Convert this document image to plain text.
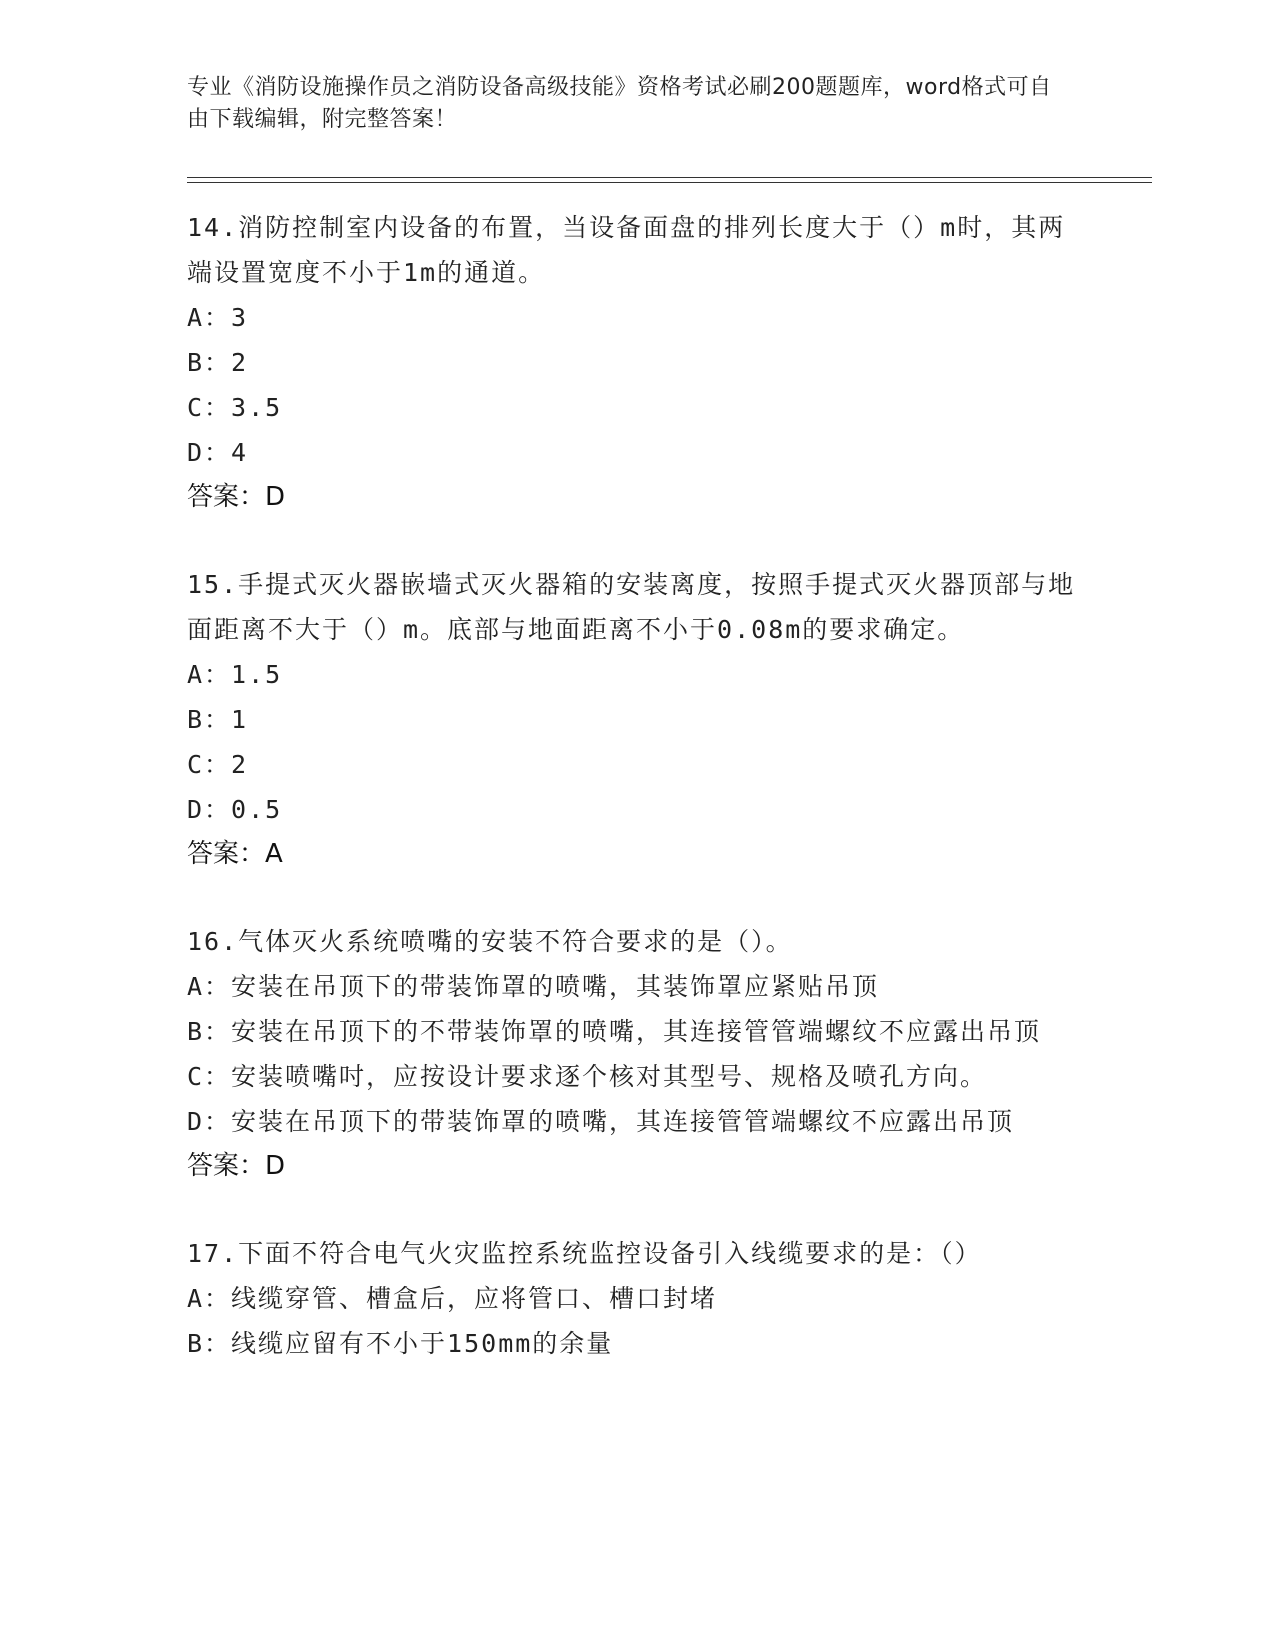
专业《消防设施操作员之消防设备高级技能》资格考试必刷200题题库，word格式可自由下载编辑，附完整答案！

14.消防控制室内设备的布置，当设备面盘的排列长度大于（）m时，其两端设置宽度不小于1m的通道。

A：3

B：2

C：3.5

D：4

答案：D

15.手提式灭火器嵌墙式灭火器箱的安装离度，按照手提式灭火器顶部与地面距离不大于（）m。底部与地面距离不小于0.08m的要求确定。

A：1.5

B：1

C：2

D：0.5

答案：A

16.气体灭火系统喷嘴的安装不符合要求的是（）。

A：安装在吊顶下的带装饰罩的喷嘴，其装饰罩应紧贴吊顶

B：安装在吊顶下的不带装饰罩的喷嘴，其连接管管端螺纹不应露出吊顶

C：安装喷嘴吋，应按设计要求逐个核对其型号、规格及喷孔方向。

D：安装在吊顶下的带装饰罩的喷嘴，其连接管管端螺纹不应露出吊顶

答案：D

17.下面不符合电气火灾监控系统监控设备引入线缆要求的是：（）

A：线缆穿管、槽盒后，应将管口、槽口封堵

B：线缆应留有不小于150mm的余量
